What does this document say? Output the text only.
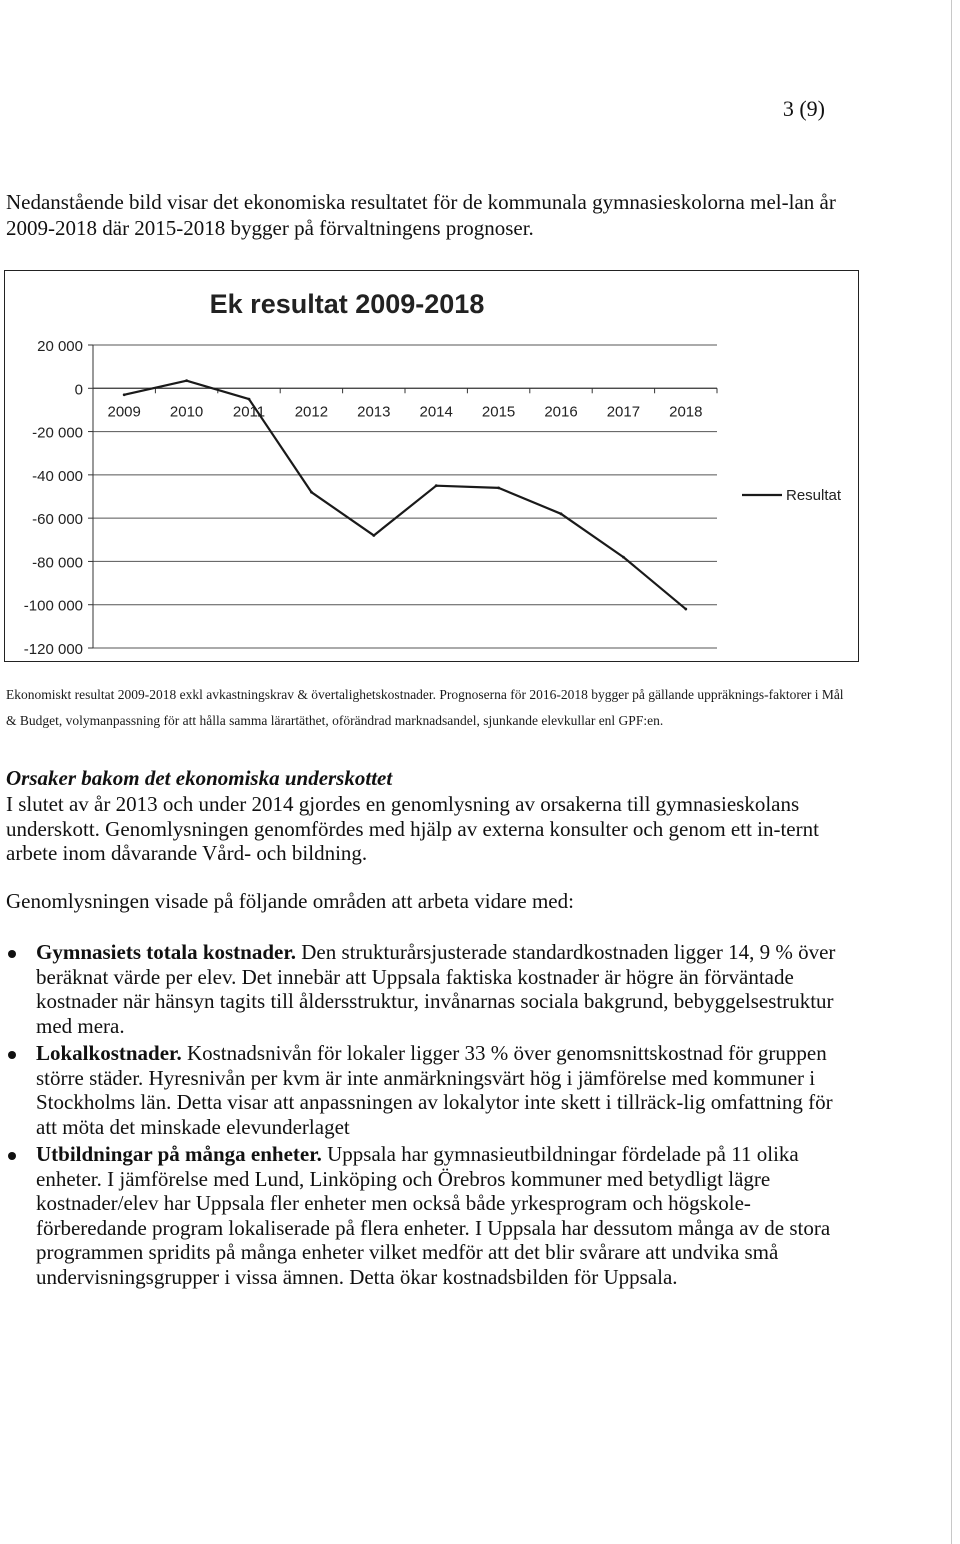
3 (9)

Nedanstående bild visar det ekonomiska resultatet för de kommunala gymnasieskolorna mel-lan år 2009-2018 där 2015-2018 bygger på förvaltningens prognoser.

Ek resultat 2009-2018
20 000
0
-20 000
-40 000
-60 000
-80 000
-100 000
-120 000
2009 2010 2011 2012 2013 2014 2015 2016 2017 2018
Resultat

Ekonomiskt resultat 2009-2018 exkl avkastningskrav & övertalighetskostnader. Prognoserna för 2016-2018 bygger på gällande uppräknings-faktorer i Mål & Budget, volymanpassning för att hålla samma lärartäthet, oförändrad marknadsandel, sjunkande elevkullar enl GPF:en.

Orsaker bakom det ekonomiska underskottet

I slutet av år 2013 och under 2014 gjordes en genomlysning av orsakerna till gymnasieskolans underskott. Genomlysningen genomfördes med hjälp av externa konsulter och genom ett in-ternt arbete inom dåvarande Vård- och bildning.

Genomlysningen visade på följande områden att arbeta vidare med:

Gymnasiets totala kostnader. Den strukturårsjusterade standardkostnaden ligger 14, 9 % över beräknat värde per elev. Det innebär att Uppsala faktiska kostnader är högre än förväntade kostnader när hänsyn tagits till åldersstruktur, invånarnas sociala bakgrund, bebyggelsestruktur med mera.
Lokalkostnader. Kostnadsnivån för lokaler ligger 33 % över genomsnittskostnad för gruppen större städer. Hyresnivån per kvm är inte anmärkningsvärt hög i jämförelse med kommuner i Stockholms län. Detta visar att anpassningen av lokalytor inte skett i tillräck-lig omfattning för att möta det minskade elevunderlaget
Utbildningar på många enheter. Uppsala har gymnasieutbildningar fördelade på 11 olika enheter. I jämförelse med Lund, Linköping och Örebros kommuner med betydligt lägre kostnader/elev har Uppsala fler enheter men också både yrkesprogram och högskole-förberedande program lokaliserade på flera enheter. I Uppsala har dessutom många av de stora programmen spridits på många enheter vilket medför att det blir svårare att undvika små undervisningsgrupper i vissa ämnen. Detta ökar kostnadsbilden för Uppsala.
